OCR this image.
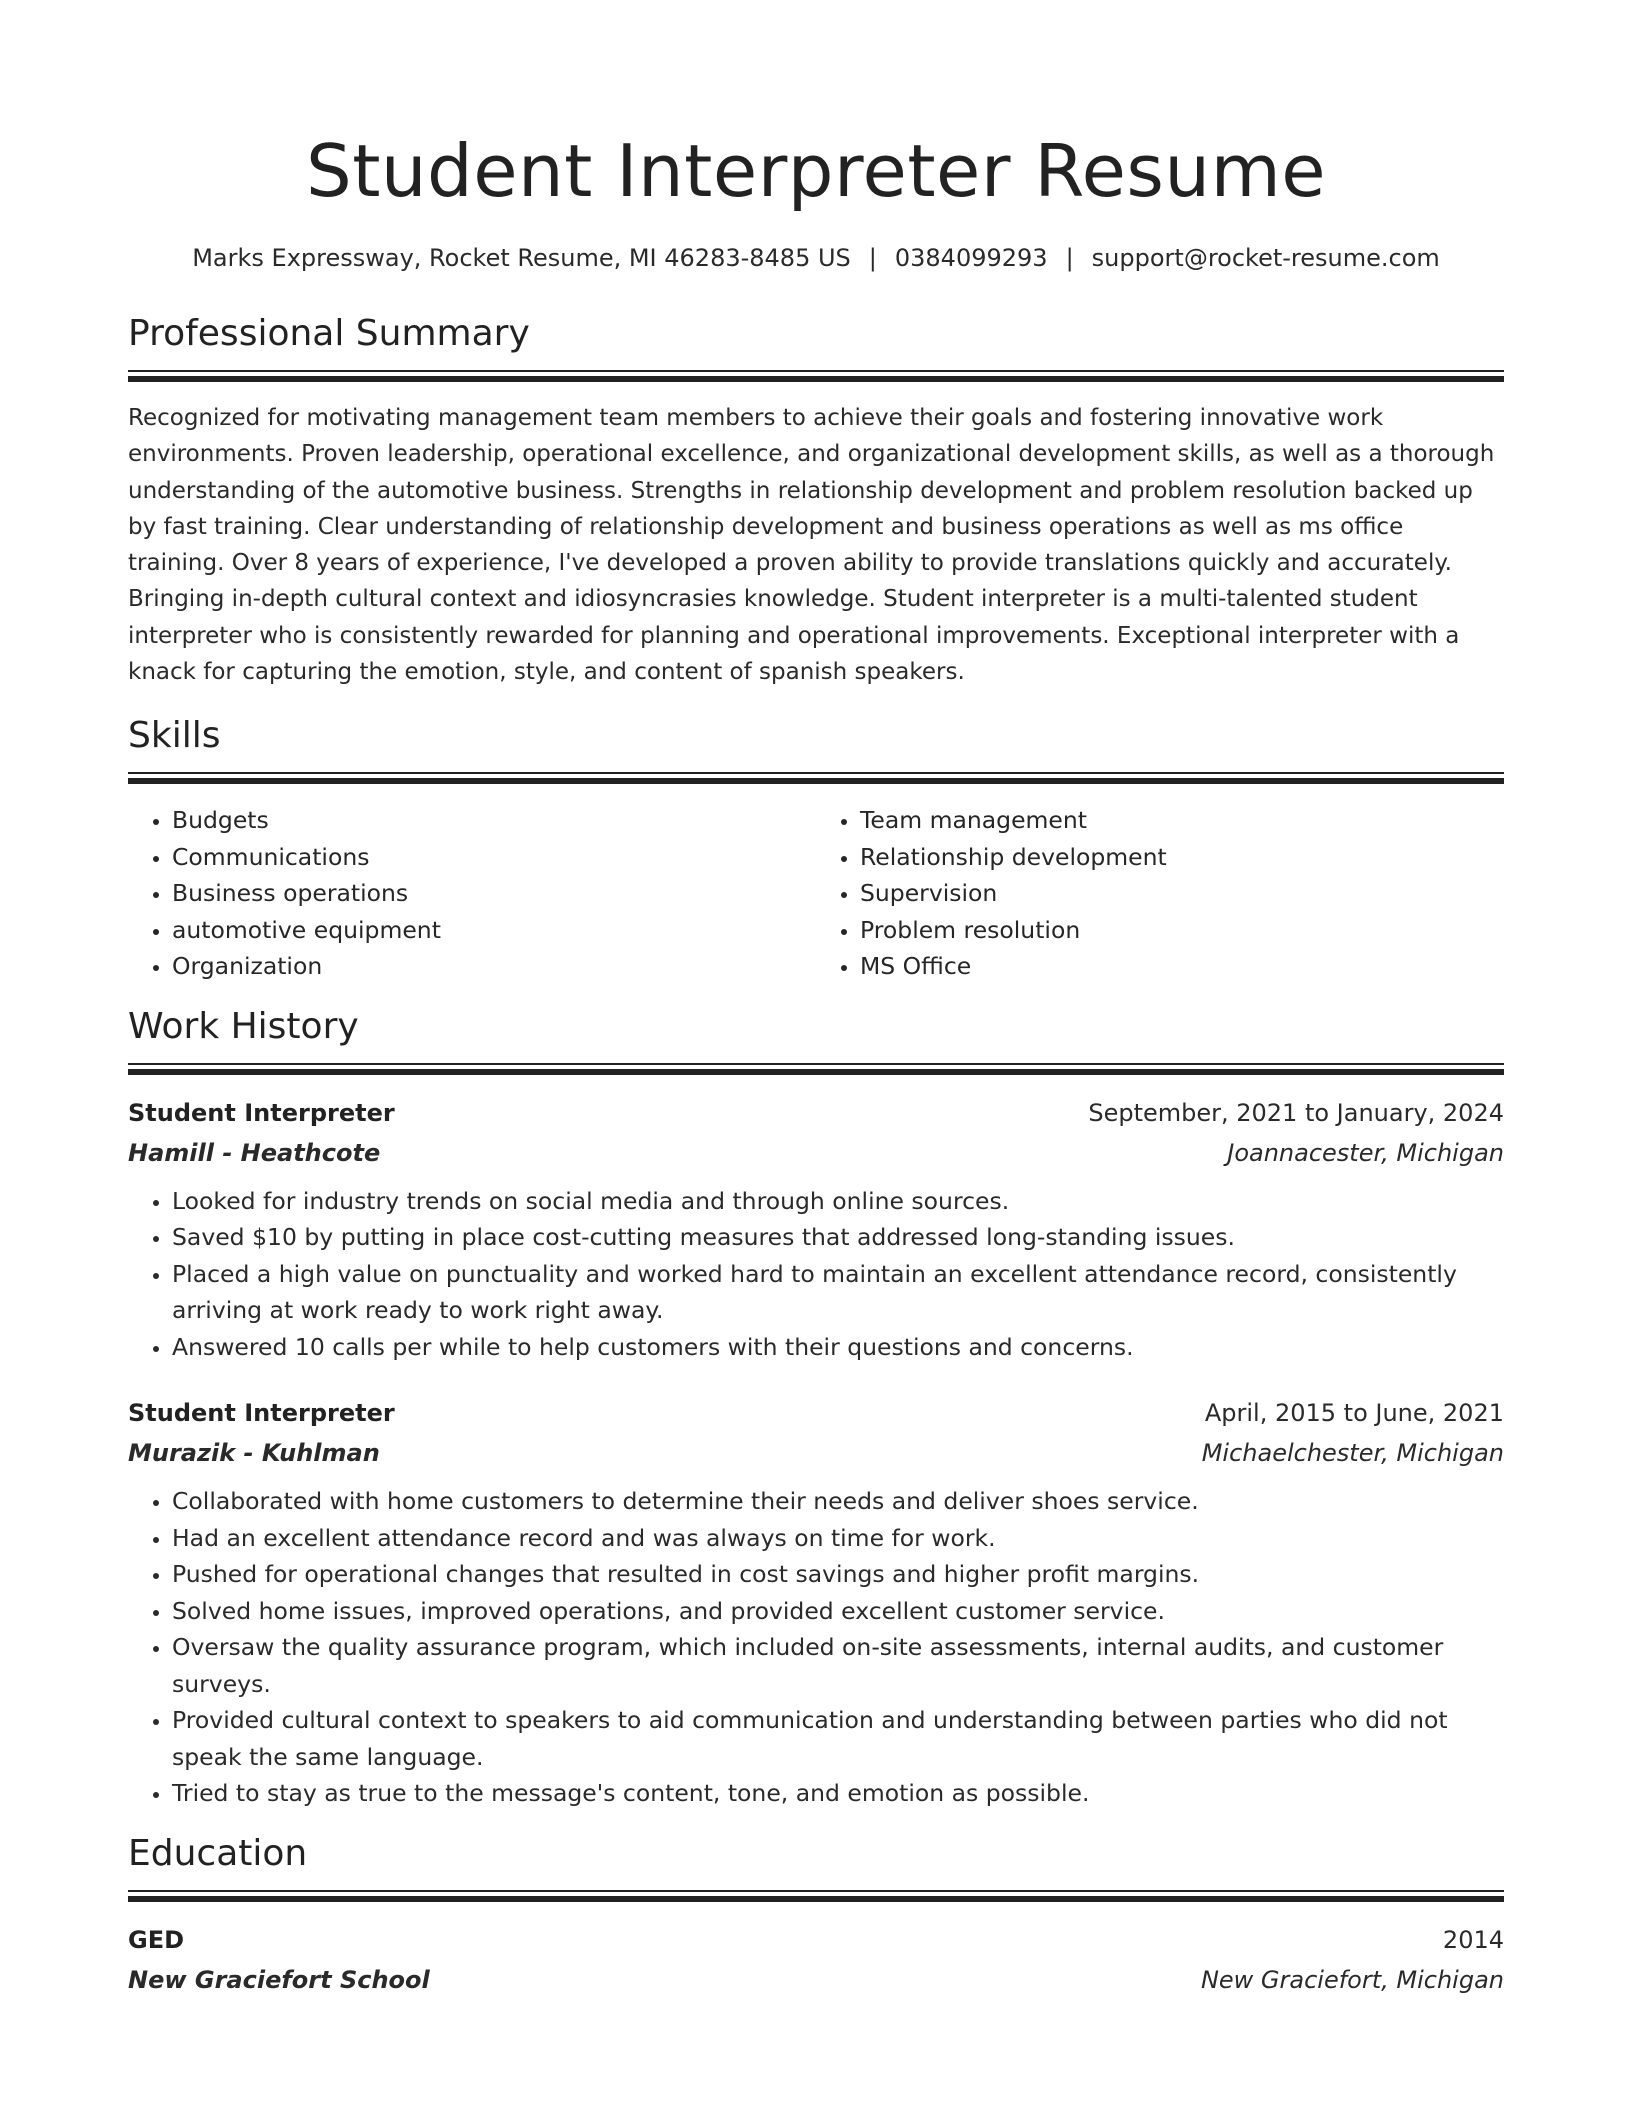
Student Interpreter Resume
Marks Expressway, Rocket Resume, MI 46283-8485 US | 0384099293 | support@rocket-resume.com
Professional Summary

Recognized for motivating management team members to achieve their goals and fostering innovative work environments. Proven leadership, operational excellence, and organizational development skills, as well as a thorough understanding of the automotive business. Strengths in relationship development and problem resolution backed up by fast training. Clear understanding of relationship development and business operations as well as ms office training. Over 8 years of experience, I've developed a proven ability to provide translations quickly and accurately. Bringing in-depth cultural context and idiosyncrasies knowledge. Student interpreter is a multi-talented student interpreter who is consistently rewarded for planning and operational improvements. Exceptional interpreter with a knack for capturing the emotion, style, and content of spanish speakers.

Skills
• Budgets
• Communications
• Business operations
• automotive equipment
• Organization
• Team management
• Relationship development
• Supervision
• Problem resolution
• MS Office
Work History
Student Interpreter	September, 2021 to January, 2024
Hamill - Heathcote	Joannacester, Michigan
• Looked for industry trends on social media and through online sources.
• Saved $10 by putting in place cost-cutting measures that addressed long-standing issues.
• Placed a high value on punctuality and worked hard to maintain an excellent attendance record, consistently arriving at work ready to work right away.
• Answered 10 calls per while to help customers with their questions and concerns.
Student Interpreter	April, 2015 to June, 2021
Murazik - Kuhlman	Michaelchester, Michigan
• Collaborated with home customers to determine their needs and deliver shoes service.
• Had an excellent attendance record and was always on time for work.
• Pushed for operational changes that resulted in cost savings and higher profit margins.
• Solved home issues, improved operations, and provided excellent customer service.
• Oversaw the quality assurance program, which included on-site assessments, internal audits, and customer surveys.
• Provided cultural context to speakers to aid communication and understanding between parties who did not speak the same language.
• Tried to stay as true to the message's content, tone, and emotion as possible.
Education
GED	2014
New Graciefort School	New Graciefort, Michigan
